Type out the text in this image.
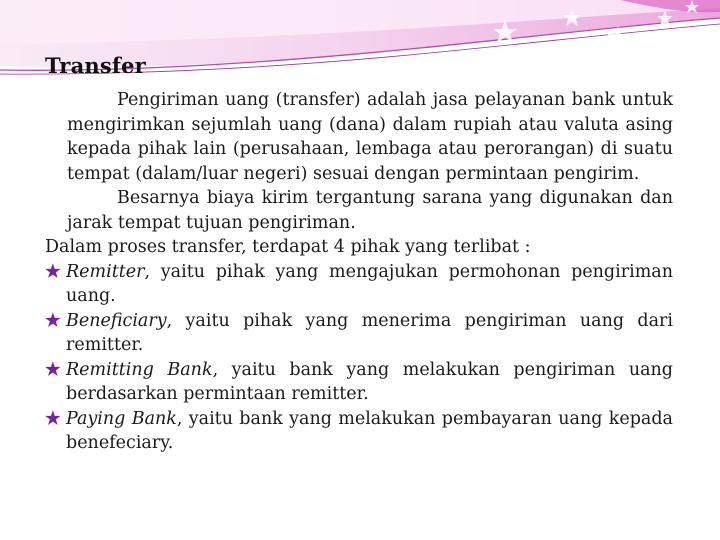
Transfer

Pengiriman uang (transfer) adalah jasa pelayanan bank untuk mengirimkan sejumlah uang (dana) dalam rupiah atau valuta asing kepada pihak lain (perusahaan, lembaga atau perorangan) di suatu tempat (dalam/luar negeri) sesuai dengan permintaan pengirim.

Besarnya biaya kirim tergantung sarana yang digunakan dan jarak tempat tujuan pengiriman.

Dalam proses transfer, terdapat 4 pihak yang terlibat :

★ Remitter, yaitu pihak yang mengajukan permohonan pengiriman uang.
★ Beneficiary, yaitu pihak yang menerima pengiriman uang dari remitter.
★ Remitting Bank, yaitu bank yang melakukan pengiriman uang berdasarkan permintaan remitter.
★ Paying Bank, yaitu bank yang melakukan pembayaran uang kepada benefeciary.
